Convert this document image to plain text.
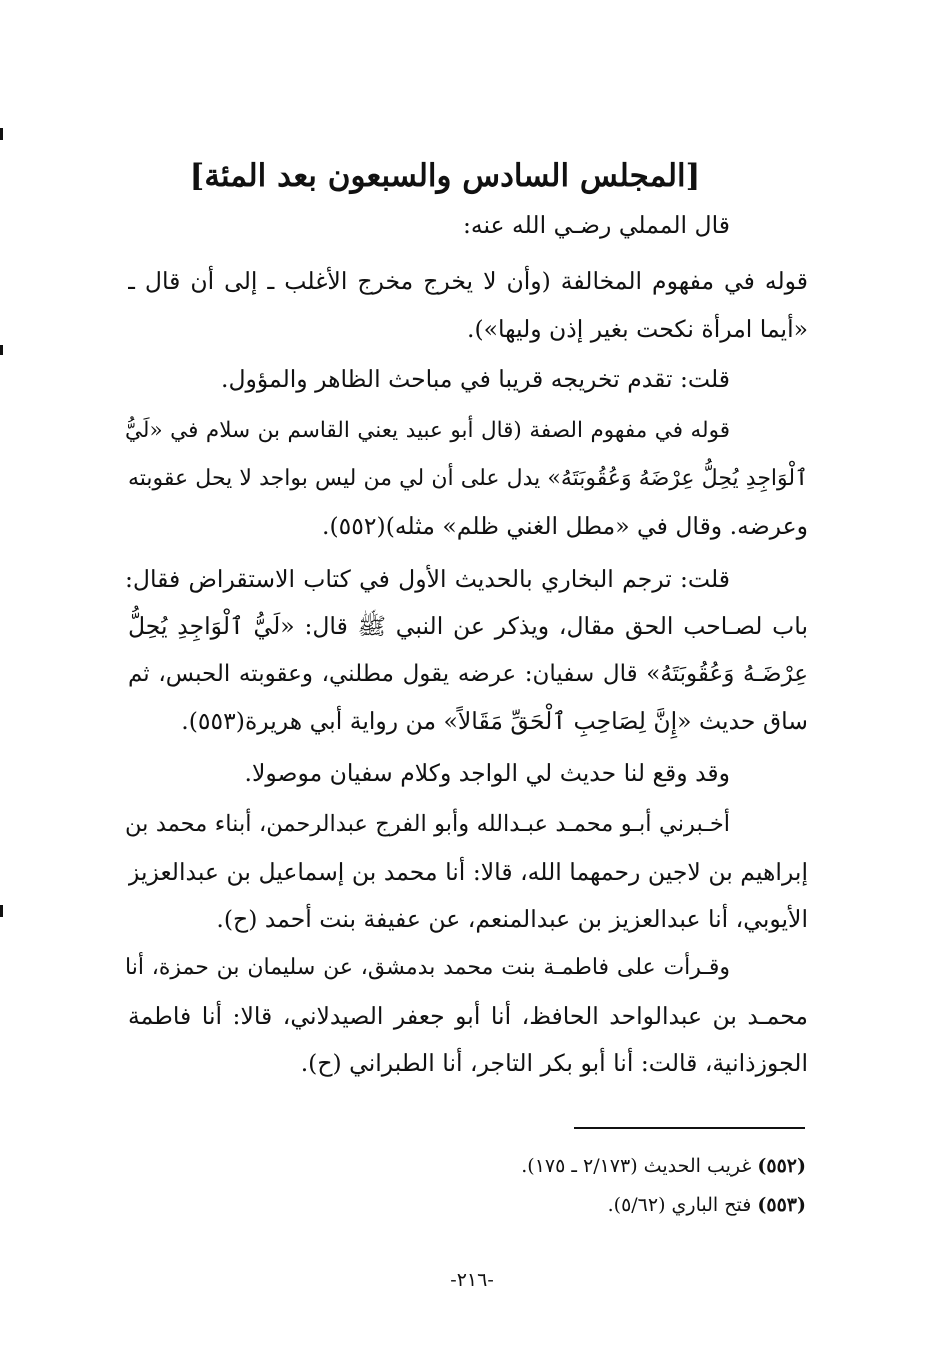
[المجلس السادس والسبعون بعد المئة]
قال المملي رضـي الله عنه:
قوله في مفهوم المخالفة (وأن لا يخرج مخرج الأغلب ـ إلى أن قال ـ
«أيما امرأة نكحت بغير إذن وليها»).
قلت: تقدم تخريجه قريبا في مباحث الظاهر والمؤول.
قوله في مفهوم الصفة (قال أبو عبيد يعني القاسم بن سلام في «لَيُّ
ٱلْوَاجِدِ يُحِلُّ عِرْضَهُ وَعُقُوبَتَهُ» يدل على أن لي من ليس بواجد لا يحل عقوبته
وعرضه. وقال في «مطل الغني ظلم» مثله)(٥٥٢).
قلت: ترجم البخاري بالحديث الأول في كتاب الاستقراض فقال:
باب لصـاحب الحق مقال، ويذكر عن النبي ﷺ قال: «لَيُّ ٱلْوَاجِدِ يُحِلُّ
عِرْضَـهُ وَعُقُوبَتَهُ» قال سفيان: عرضه يقول مطلني، وعقوبته الحبس، ثم
ساق حديث «إِنَّ لِصَاحِبِ ٱلْحَقِّ مَقَالاً» من رواية أبي هريرة(٥٥٣).
وقد وقع لنا حديث لي الواجد وكلام سفيان موصولا.
أخـبرني أبـو محمـد عبـدالله وأبو الفرج عبدالرحمن، أبناء محمد بن
إبراهيم بن لاجين رحمهما الله، قالا: أنا محمد بن إسماعيل بن عبدالعزيز
الأيوبي، أنا عبدالعزيز بن عبدالمنعم، عن عفيفة بنت أحمد (ح).
وقـرأت على فاطمـة بنت محمد بدمشق، عن سليمان بن حمزة، أنا
محمـد بن عبدالواحد الحافظ، أنا أبو جعفر الصيدلاني، قالا: أنا فاطمة
الجوزذانية، قالت: أنا أبو بكر التاجر، أنا الطبراني (ح).
(٥٥٢) غريب الحديث (٢/١٧٣ ـ ١٧٥).
(٥٥٣) فتح الباري (٥/٦٢).
-٢١٦-
